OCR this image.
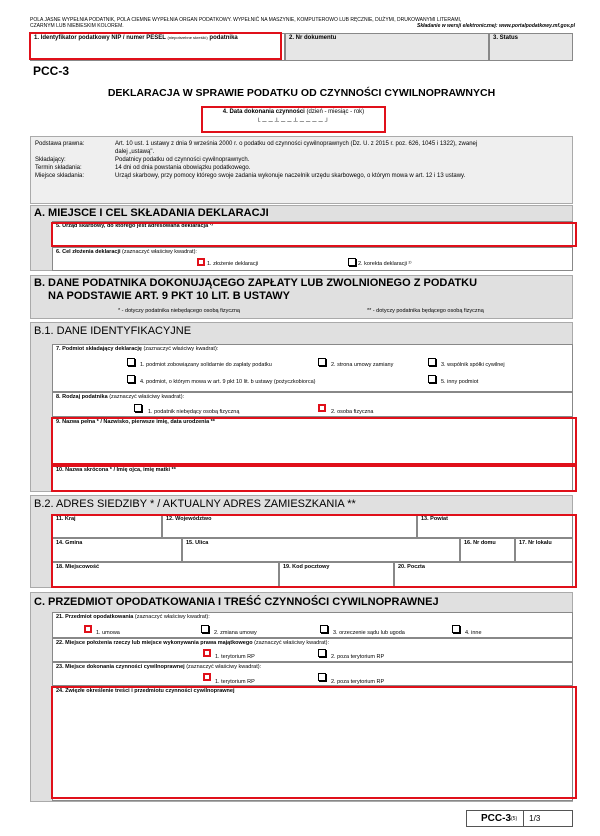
POLA JASNE WYPEŁNIA PODATNIK, POLA CIEMNE WYPEŁNIA ORGAN PODATKOWY. WYPEŁNIĆ NA MASZYNIE, KOMPUTEROWO LUB RĘCZNIE, DUŻYMI, DRUKOWANYMI LITERAMI,
CZARNYM LUB NIEBIESKIM KOLOREM.	Składanie w wersji elektronicznej: www.portalpodatkowy.mf.gov.pl
1. Identyfikator podatkowy NIP / numer PESEL (niepotrzebne skreślić) podatnika	2. Nr dokumentu	3. Status
PCC-3
DEKLARACJA W SPRAWIE PODATKU OD CZYNNOŚCI CYWILNOPRAWNYCH
4. Data dokonania czynności (dzień - miesiąc - rok)
└──┴──┴────┘
Podstawa prawna:	Art. 10 ust. 1 ustawy z dnia 9 września 2000 r. o podatku od czynności cywilnoprawnych (Dz. U. z 2015 r. poz. 626, 1045 i 1322), zwanej
dalej „ustawą".
Składający:	Podatnicy podatku od czynności cywilnoprawnych.
Termin składania:	14 dni od dnia powstania obowiązku podatkowego.
Miejsce składania:	Urząd skarbowy, przy pomocy którego swoje zadania wykonuje naczelnik urzędu skarbowego, o którym mowa w art. 12 i 13 ustawy.
A. MIEJSCE I CEL SKŁADANIA DEKLARACJI
5. Urząd skarbowy, do którego jest adresowana deklaracja ¹⁾
6. Cel złożenia deklaracji (zaznaczyć właściwy kwadrat):
1. złożenie deklaracji	2. korekta deklaracji ²⁾
B. DANE PODATNIKA DOKONUJĄCEGO ZAPŁATY LUB ZWOLNIONEGO Z PODATKU
NA PODSTAWIE ART. 9 PKT 10 LIT. B USTAWY
* - dotyczy podatnika niebędącego osobą fizyczną	** - dotyczy podatnika będącego osobą fizyczną
B.1. DANE IDENTYFIKACYJNE
7. Podmiot składający deklarację (zaznaczyć właściwy kwadrat):
1. podmiot zobowiązany solidarnie do zapłaty podatku	2. strona umowy zamiany	3. wspólnik spółki cywilnej
4. podmiot, o którym mowa w art. 9 pkt 10 lit. b ustawy (pożyczkobiorca)	5. inny podmiot
8. Rodzaj podatnika (zaznaczyć właściwy kwadrat):
1. podatnik niebędący osobą fizyczną	2. osoba fizyczna
9. Nazwa pełna * / Nazwisko, pierwsze imię, data urodzenia **
10. Nazwa skrócona * / Imię ojca, imię matki **
B.2. ADRES SIEDZIBY * / AKTUALNY ADRES ZAMIESZKANIA **
11. Kraj	12. Województwo	13. Powiat
14. Gmina	15. Ulica	16. Nr domu	17. Nr lokalu
18. Miejscowość	19. Kod pocztowy	20. Poczta
C. PRZEDMIOT OPODATKOWANIA I TREŚĆ CZYNNOŚCI CYWILNOPRAWNEJ
21. Przedmiot opodatkowania (zaznaczyć właściwy kwadrat):
1. umowa	2. zmiana umowy	3. orzeczenie sądu lub ugoda	4. inne
22. Miejsce położenia rzeczy lub miejsce wykonywania prawa majątkowego (zaznaczyć właściwy kwadrat):
1. terytorium RP	2. poza terytorium RP
23. Miejsce dokonania czynności cywilnoprawnej (zaznaczyć właściwy kwadrat):
1. terytorium RP	2. poza terytorium RP
24. Zwięzłe określenie treści i przedmiotu czynności cywilnoprawnej
PCC-3 (5) 1/3
